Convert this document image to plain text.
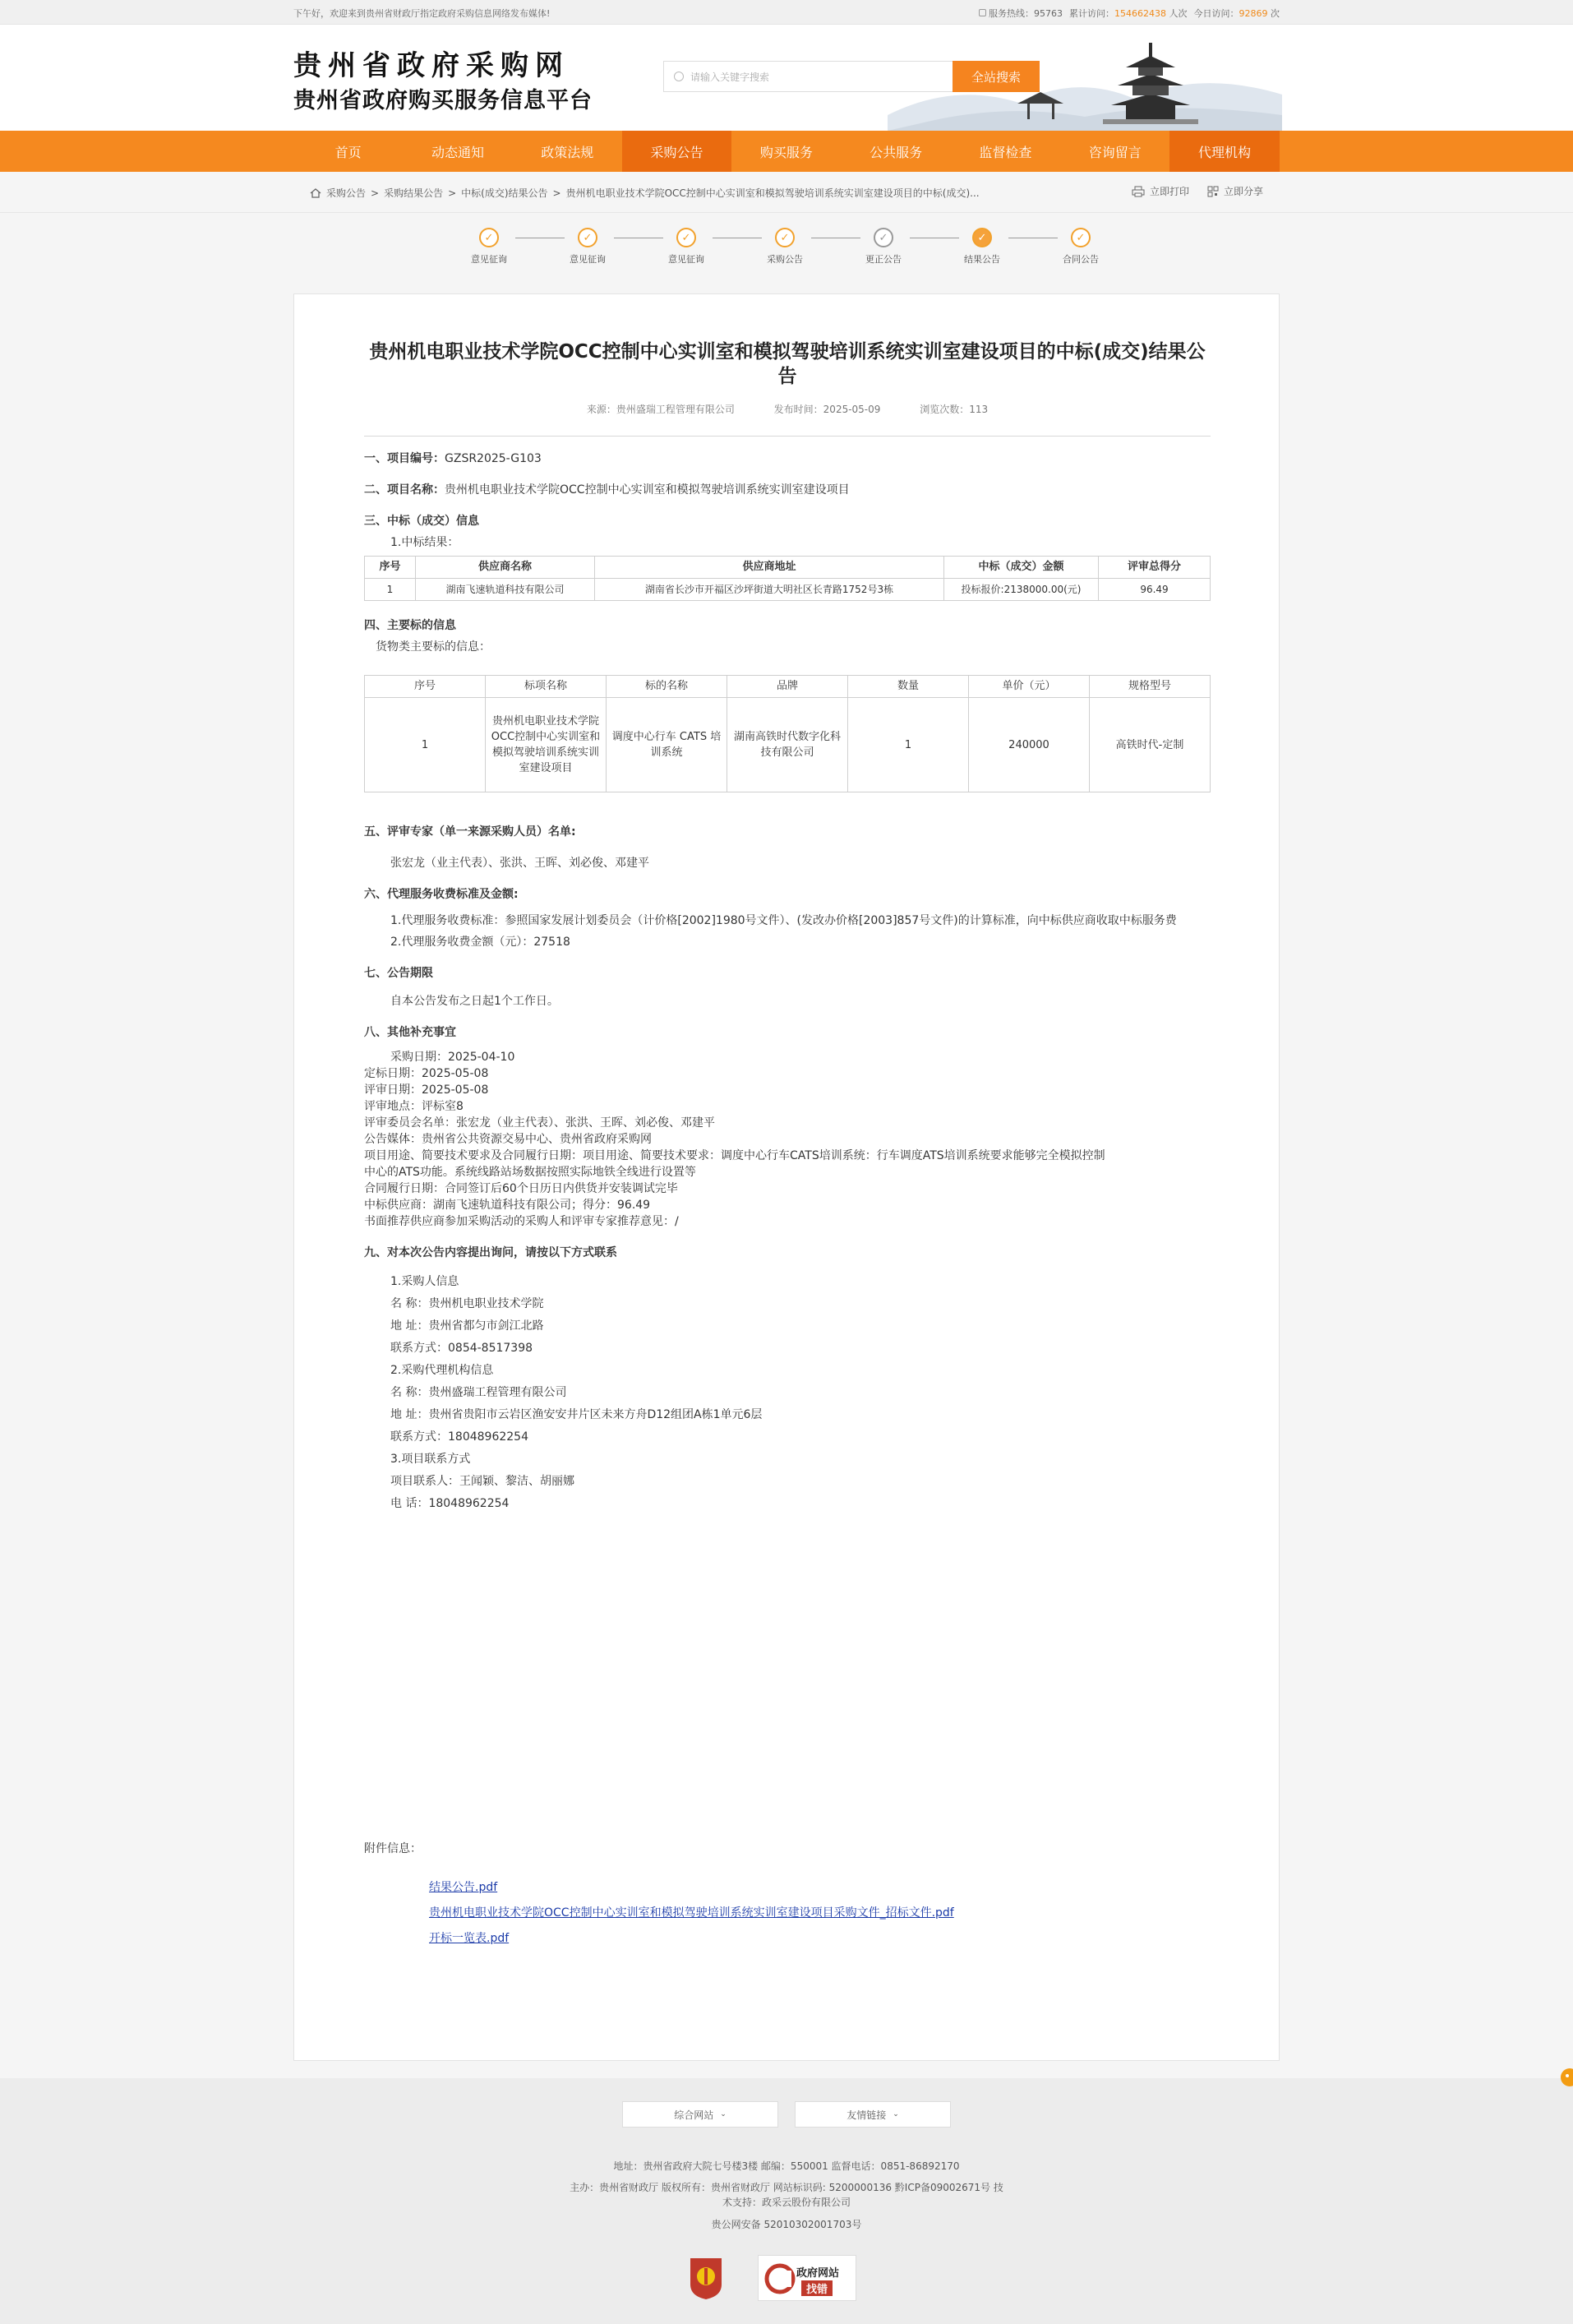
下午好，欢迎来到贵州省财政厅指定政府采购信息网络发布媒体!	服务热线：95763 累计访问：154662438 人次 今日访问：92869 次
贵州省政府采购网
贵州省政府购买服务信息平台
请输入关键字搜索	全站搜索
首页	动态通知	政策法规	采购公告	购买服务	公共服务	监督检查	咨询留言	代理机构
采购公告 > 采购结果公告 > 中标(成交)结果公告 > 贵州机电职业技术学院OCC控制中心实训室和模拟驾驶培训系统实训室建设项目的中标(成交)...	立即打印	立即分享
✓
意见征询
✓
意见征询
✓
意见征询
✓
采购公告
✓
更正公告
✓
结果公告
✓
合同公告
贵州机电职业技术学院OCC控制中心实训室和模拟驾驶培训系统实训室建设项目的中标(成交)结果公告
来源：贵州盛瑞工程管理有限公司	发布时间：2025-05-09	浏览次数：113
一、项目编号：GZSR2025-G103
二、项目名称：贵州机电职业技术学院OCC控制中心实训室和模拟驾驶培训系统实训室建设项目
三、中标（成交）信息

1.中标结果：

序号	供应商名称	供应商地址	中标（成交）金额	评审总得分
1	湖南飞速轨道科技有限公司	湖南省长沙市开福区沙坪街道大明社区长青路1752号3栋	投标报价:2138000.00(元)	96.49
四、主要标的信息

货物类主要标的信息：

序号	标项名称	标的名称	品牌	数量	单价（元）	规格型号
1	贵州机电职业技术学院OCC控制中心实训室和模拟驾驶培训系统实训室建设项目	调度中心行车 CATS 培训系统	湖南高铁时代数字化科 技有限公司	1	240000	高铁时代-定制
五、评审专家（单一来源采购人员）名单:

张宏龙（业主代表）、张洪、王晖、刘必俊、邓建平

六、代理服务收费标准及金额:

1.代理服务收费标准：参照国家发展计划委员会（计价格[2002]1980号文件）、(发改办价格[2003]857号文件)的计算标准，向中标供应商收取中标服务费

2.代理服务收费金额（元）：27518

七、公告期限

自本公告发布之日起1个工作日。

八、其他补充事宜
采购日期：2025-04-10
定标日期：2025-05-08
评审日期：2025-05-08
评审地点：评标室8
评审委员会名单：张宏龙（业主代表）、张洪、王晖、刘必俊、邓建平
公告媒体：贵州省公共资源交易中心、贵州省政府采购网
项目用途、简要技术要求及合同履行日期：项目用途、简要技术要求：调度中心行车CATS培训系统：行车调度ATS培训系统要求能够完全模拟控制
中心的ATS功能。系统线路站场数据按照实际地铁全线进行设置等
合同履行日期：合同签订后60个日历日内供货并安装调试完毕
中标供应商：湖南飞速轨道科技有限公司；得分：96.49
书面推荐供应商参加采购活动的采购人和评审专家推荐意见：/
九、对本次公告内容提出询问，请按以下方式联系
1.采购人信息
名 称：贵州机电职业技术学院
地 址：贵州省都匀市剑江北路
联系方式：0854-8517398
2.采购代理机构信息
名 称：贵州盛瑞工程管理有限公司
地 址：贵州省贵阳市云岩区渔安安井片区未来方舟D12组团A栋1单元6层
联系方式：18048962254
3.项目联系方式
项目联系人：王闻颖、黎洁、胡丽娜
电 话：18048962254
附件信息：
结果公告.pdf
贵州机电职业技术学院OCC控制中心实训室和模拟驾驶培训系统实训室建设项目采购文件_招标文件.pdf
开标一览表.pdf
综合网站 ⌄	友情链接 ⌄
地址：贵州省政府大院七号楼3楼 邮编：550001 监督电话：0851-86892170
主办：贵州省财政厅 版权所有：贵州省财政厅 网站标识码: 5200000136 黔ICP备09002671号 技
术支持：政采云股份有限公司
贵公网安备 52010302001703号
政府网站
找错
